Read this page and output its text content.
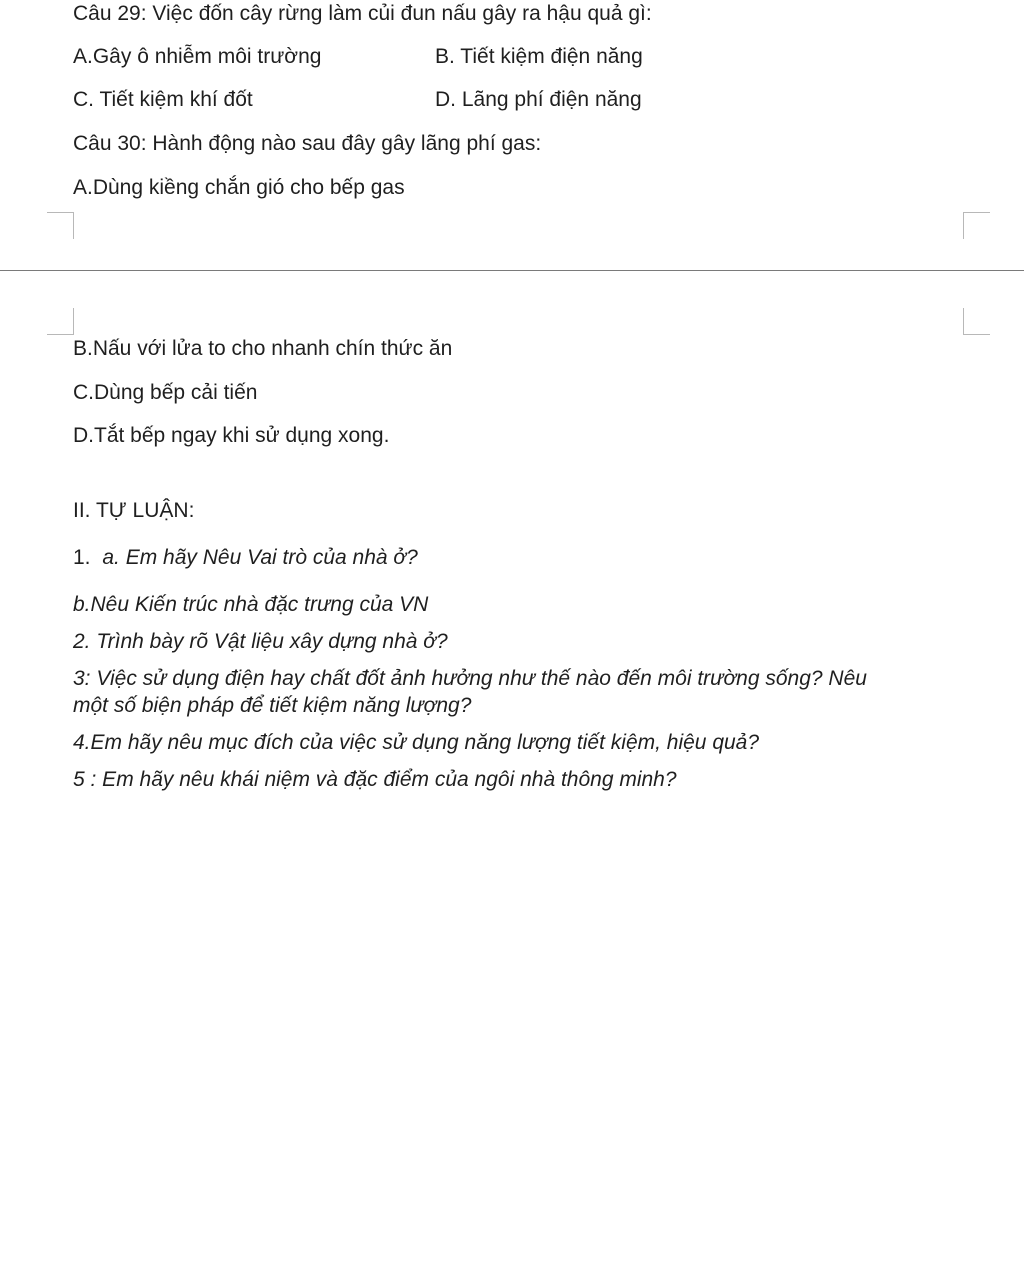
Câu 29: Việc đốn cây rừng làm củi đun nấu gây ra hậu quả gì:
A.Gây ô nhiễm môi trường	B. Tiết kiệm điện năng
C. Tiết kiệm khí đốt	D. Lãng phí điện năng
Câu 30: Hành động nào sau đây gây lãng phí gas:
A.Dùng kiềng chắn gió cho bếp gas
B.Nấu với lửa to cho nhanh chín thức ăn
C.Dùng bếp cải tiến
D.Tắt bếp ngay khi sử dụng xong.
II. TỰ LUẬN:
1. a. Em hãy Nêu Vai trò của nhà ở?
b.Nêu Kiến trúc nhà đặc trưng của VN
2. Trình bày rõ Vật liệu xây dựng nhà ở?
3: Việc sử dụng điện hay chất đốt ảnh hưởng như thế nào đến môi trường sống? Nêu
một số biện pháp để tiết kiệm năng lượng?
4.Em hãy nêu mục đích của việc sử dụng năng lượng tiết kiệm, hiệu quả?
5 : Em hãy nêu khái niệm và đặc điểm của ngôi nhà thông minh?
